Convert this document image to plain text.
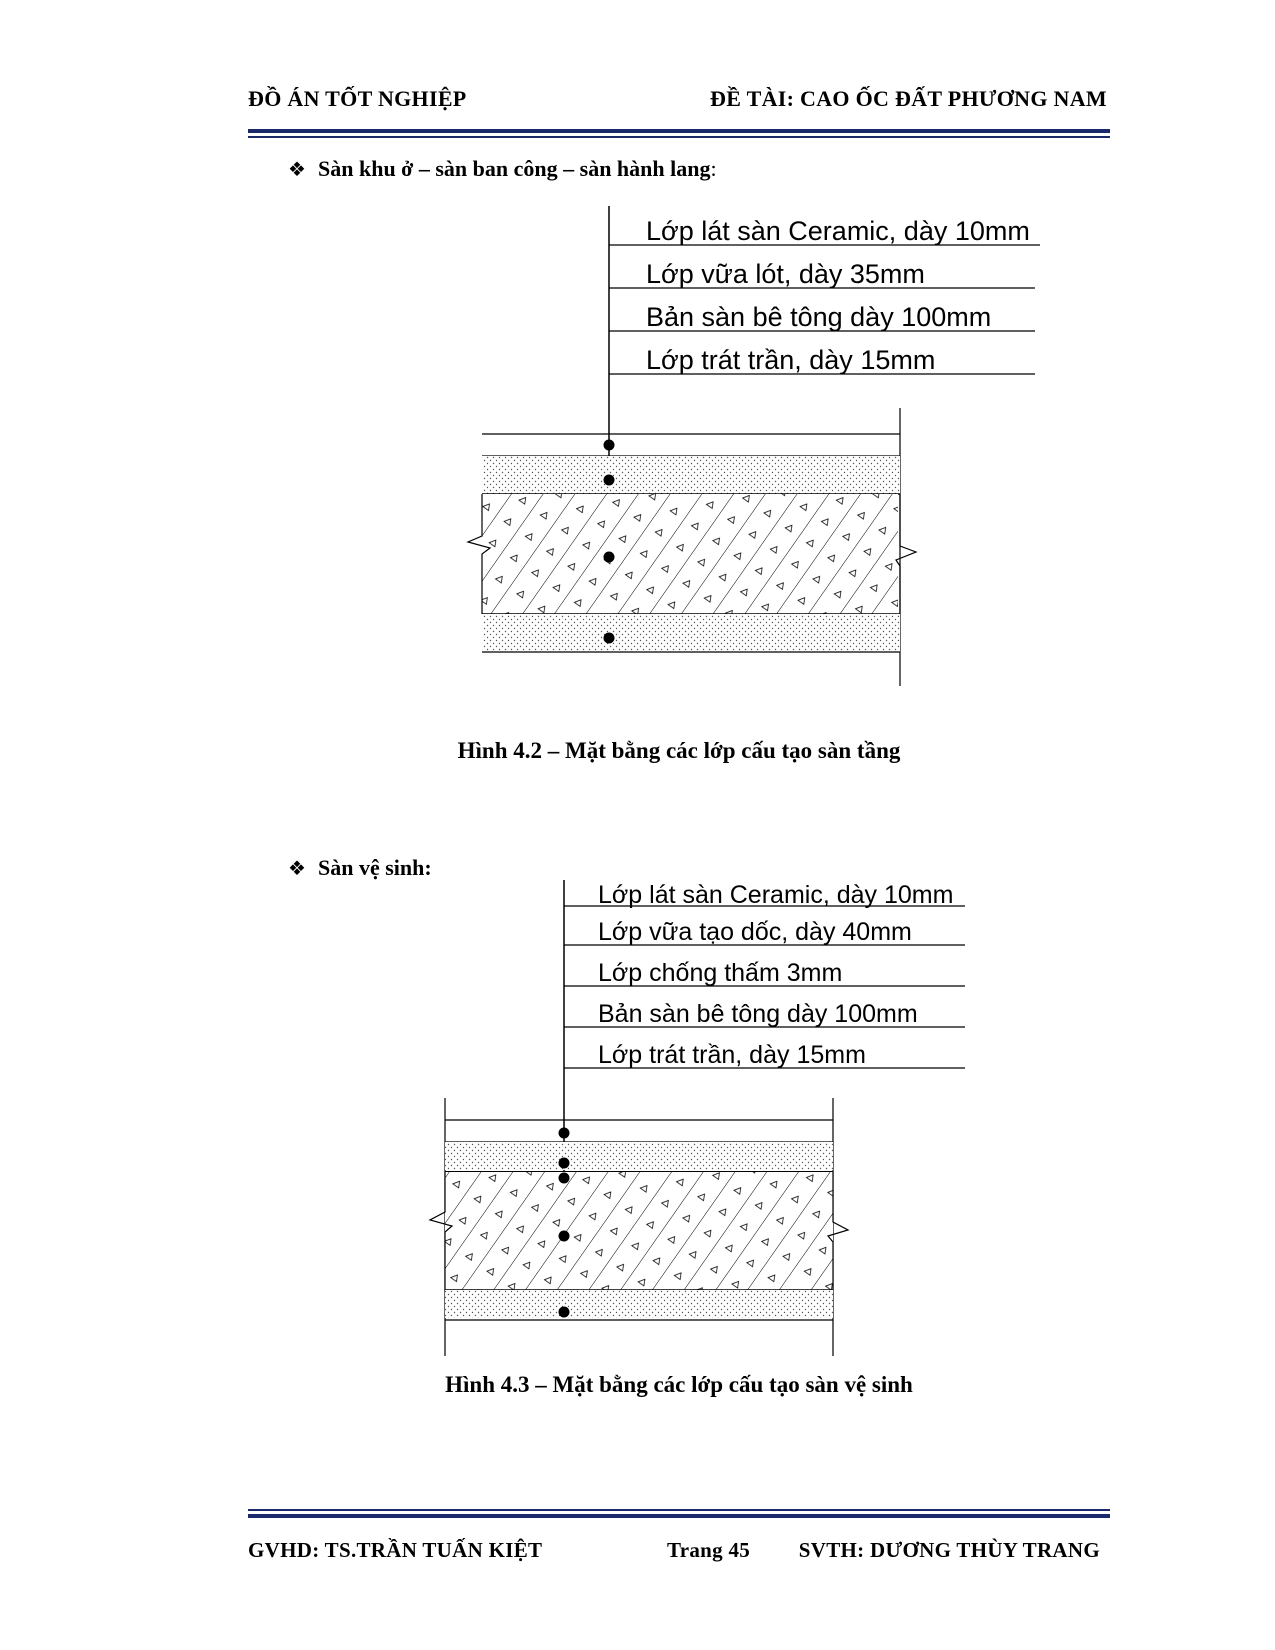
ĐỒ ÁN TỐT NGHIỆP	ĐỀ TÀI: CAO ỐC ĐẤT PHƯƠNG NAM
❖ Sàn khu ở – sàn ban công – sàn hành lang:
Lớp lát sàn Ceramic, dày 10mm
Lớp vữa lót, dày 35mm
Bản sàn bê tông dày 100mm
Lớp trát trần, dày 15mm
Lớp lát sàn Ceramic, dày 10mm
Lớp vữa tạo dốc, dày 40mm
Lớp chống thấm 3mm
Bản sàn bê tông dày 100mm
Lớp trát trần, dày 15mm
Hình 4.2 – Mặt bằng các lớp cấu tạo sàn tầng
❖ Sàn vệ sinh:
Hình 4.3 – Mặt bằng các lớp cấu tạo sàn vệ sinh
GVHD: TS.TRẦN TUẤN KIỆT	Trang 45 SVTH: DƯƠNG THÙY TRANG
